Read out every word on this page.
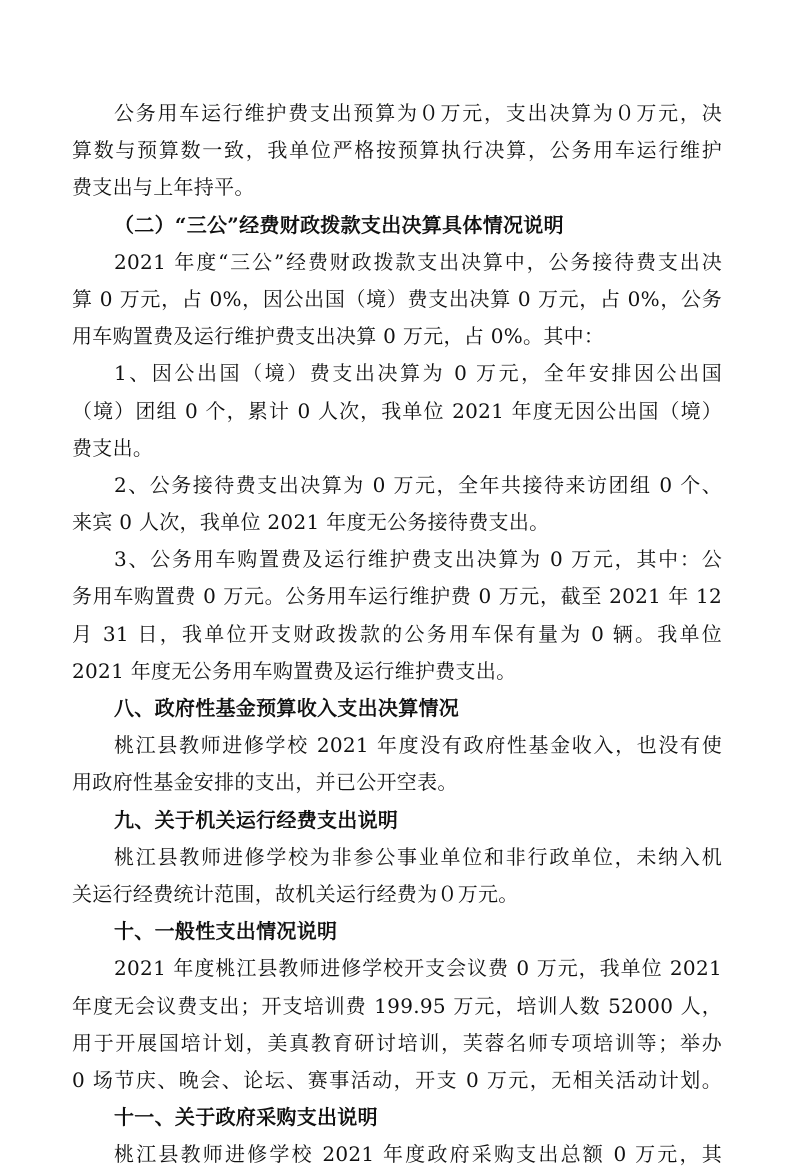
公务用车运行维护费支出预算为０万元，支出决算为０万元，决
算数与预算数一致，我单位严格按预算执行决算，公务用车运行维护
费支出与上年持平。
（二）“三公”经费财政拨款支出决算具体情况说明
2021 年度“三公”经费财政拨款支出决算中，公务接待费支出决
算 0 万元，占 0%，因公出国（境）费支出决算 0 万元，占 0%，公务
用车购置费及运行维护费支出决算 0 万元，占 0%。其中：
1、因公出国（境）费支出决算为 0 万元，全年安排因公出国
（境）团组 0 个，累计 0 人次，我单位 2021 年度无因公出国（境）
费支出。
2、公务接待费支出决算为 0 万元，全年共接待来访团组 0 个、
来宾 0 人次，我单位 2021 年度无公务接待费支出。
3、公务用车购置费及运行维护费支出决算为 0 万元，其中：公
务用车购置费 0 万元。公务用车运行维护费 0 万元，截至 2021 年 12
月 31 日，我单位开支财政拨款的公务用车保有量为 0 辆。我单位
2021 年度无公务用车购置费及运行维护费支出。
八、政府性基金预算收入支出决算情况
桃江县教师进修学校 2021 年度没有政府性基金收入，也没有使
用政府性基金安排的支出，并已公开空表。
九、关于机关运行经费支出说明
桃江县教师进修学校为非参公事业单位和非行政单位，未纳入机
关运行经费统计范围，故机关运行经费为０万元。
十、一般性支出情况说明
2021 年度桃江县教师进修学校开支会议费 0 万元，我单位 2021
年度无会议费支出；开支培训费 199.95 万元，培训人数 52000 人，
用于开展国培计划，美真教育研讨培训，芙蓉名师专项培训等；举办
0 场节庆、晚会、论坛、赛事活动，开支 0 万元，无相关活动计划。
十一、关于政府采购支出说明
桃江县教师进修学校 2021 年度政府采购支出总额 0 万元，其
